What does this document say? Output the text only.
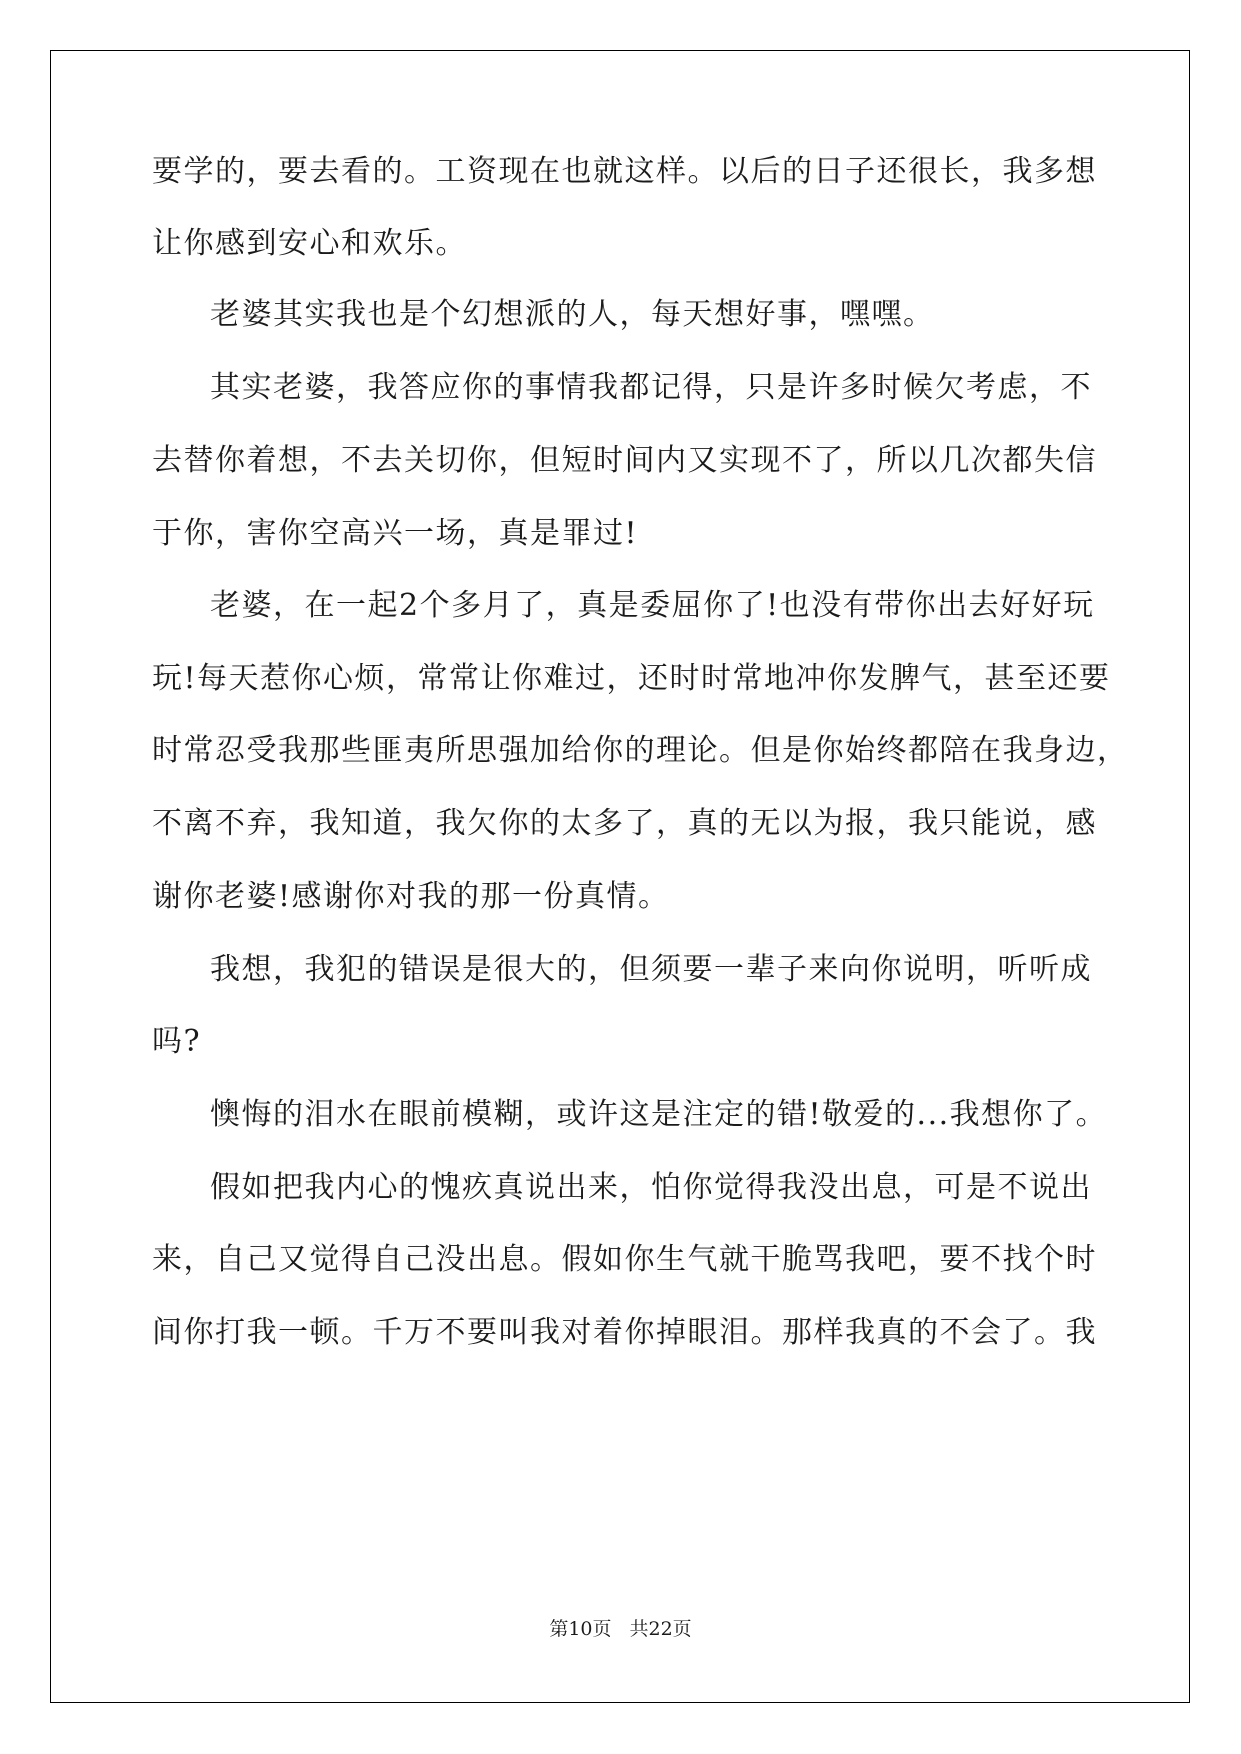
要学的，要去看的。工资现在也就这样。以后的日子还很长，我多想
让你感到安心和欢乐。
老婆其实我也是个幻想派的人，每天想好事，嘿嘿。
其实老婆，我答应你的事情我都记得，只是许多时候欠考虑，不
去替你着想，不去关切你，但短时间内又实现不了，所以几次都失信
于你，害你空高兴一场，真是罪过!
老婆，在一起2个多月了，真是委屈你了!也没有带你出去好好玩
玩!每天惹你心烦，常常让你难过，还时时常地冲你发脾气，甚至还要
时常忍受我那些匪夷所思强加给你的理论。但是你始终都陪在我身边，
不离不弃，我知道，我欠你的太多了，真的无以为报，我只能说，感
谢你老婆!感谢你对我的那一份真情。
我想，我犯的错误是很大的，但须要一辈子来向你说明，听听成
吗?
懊悔的泪水在眼前模糊，或许这是注定的错!敬爱的...我想你了。
假如把我内心的愧疚真说出来，怕你觉得我没出息，可是不说出
来，自己又觉得自己没出息。假如你生气就干脆骂我吧，要不找个时
间你打我一顿。千万不要叫我对着你掉眼泪。那样我真的不会了。我
第10页 共22页
